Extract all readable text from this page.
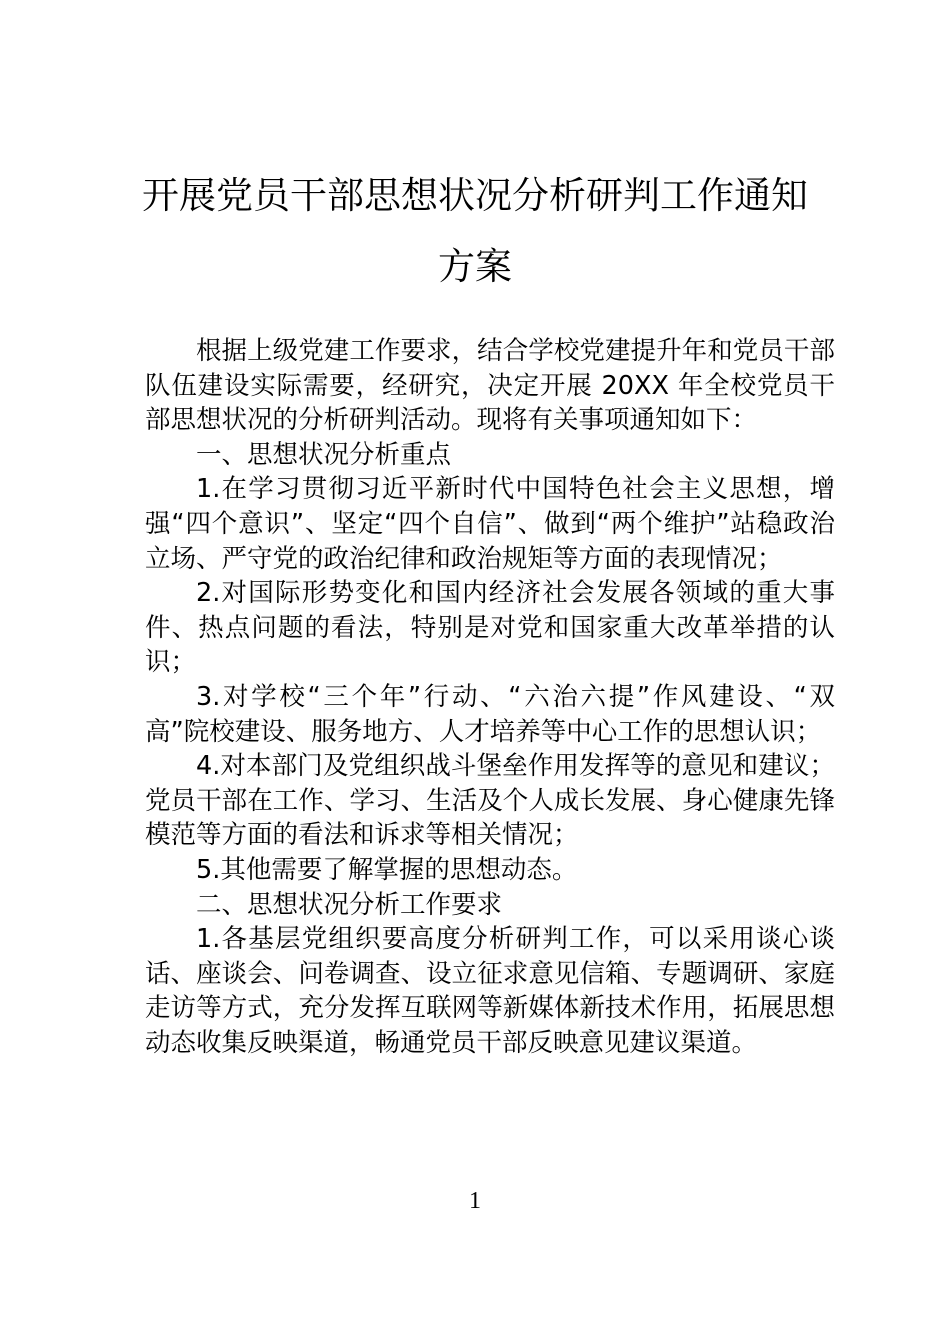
开展党员干部思想状况分析研判工作通知
方案

根据上级党建工作要求，结合学校党建提升年和党员干部队伍建设实际需要，经研究，决定开展 20XX 年全校党员干部思想状况的分析研判活动。现将有关事项通知如下：

一、思想状况分析重点

1.在学习贯彻习近平新时代中国特色社会主义思想，增强“四个意识”、坚定“四个自信”、做到“两个维护”站稳政治立场、严守党的政治纪律和政治规矩等方面的表现情况；

2.对国际形势变化和国内经济社会发展各领域的重大事件、热点问题的看法，特别是对党和国家重大改革举措的认识；

3.对学校“三个年”行动、“六治六提”作风建设、“双高”院校建设、服务地方、人才培养等中心工作的思想认识；

4.对本部门及党组织战斗堡垒作用发挥等的意见和建议；党员干部在工作、学习、生活及个人成长发展、身心健康先锋模范等方面的看法和诉求等相关情况；

5.其他需要了解掌握的思想动态。

二、思想状况分析工作要求

1.各基层党组织要高度分析研判工作，可以采用谈心谈话、座谈会、问卷调查、设立征求意见信箱、专题调研、家庭走访等方式，充分发挥互联网等新媒体新技术作用，拓展思想动态收集反映渠道，畅通党员干部反映意见建议渠道。

1
